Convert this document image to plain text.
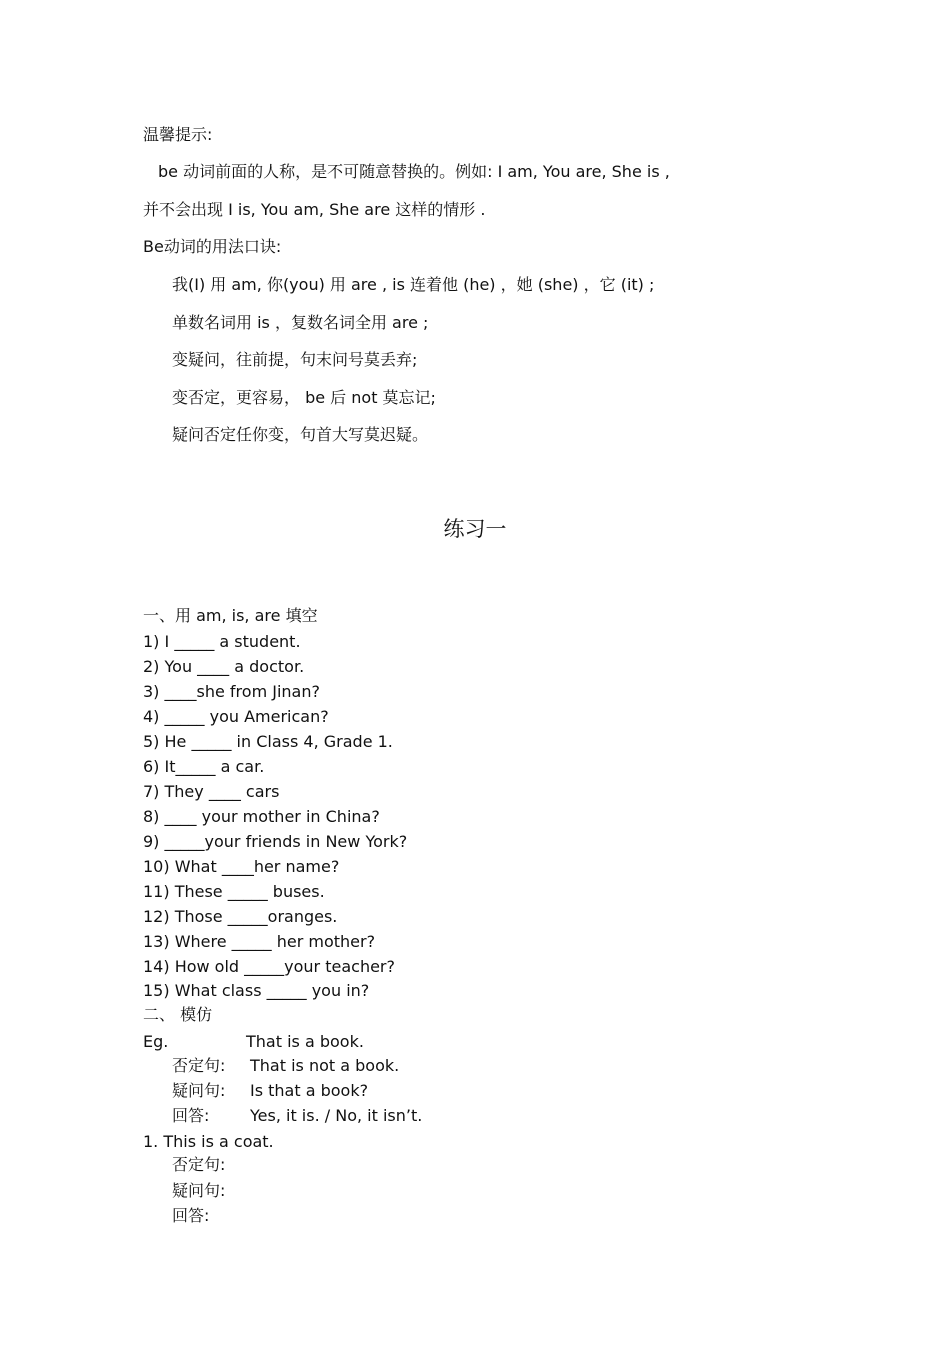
温馨提示:
be 动词前面的人称，是不可随意替换的。例如: I am, You are, She is ,
并不会出现 I is, You am, She are 这样的情形 .
Be动词的用法口诀:
我(I) 用 am, 你(you) 用 are , is 连着他 (he) ，她 (she) ，它 (it) ;
单数名词用 is ，复数名词全用 are ;
变疑问，往前提，句末问号莫丢弃;
变否定，更容易， be 后 not 莫忘记;
疑问否定任你变，句首大写莫迟疑。
练习一
一、用 am, is, are 填空
1) I _____ a student.
2) You ____ a doctor.
3) ____she from Jinan?
4) _____ you American?
5) He _____ in Class 4, Grade 1.
6) It_____ a car.
7) They ____ cars
8) ____ your mother in China?
9) _____your friends in New York?
10) What ____her name?
11) These _____ buses.
12) Those _____oranges.
13) Where _____ her mother?
14) How old _____your teacher?
15) What class _____ you in?
二、 模仿
Eg.	That is a book.
否定句: That is not a book.
疑问句: Is that a book?
回答:	Yes, it is. / No, it isn’t.
1. This is a coat.
否定句:
疑问句:
回答:
